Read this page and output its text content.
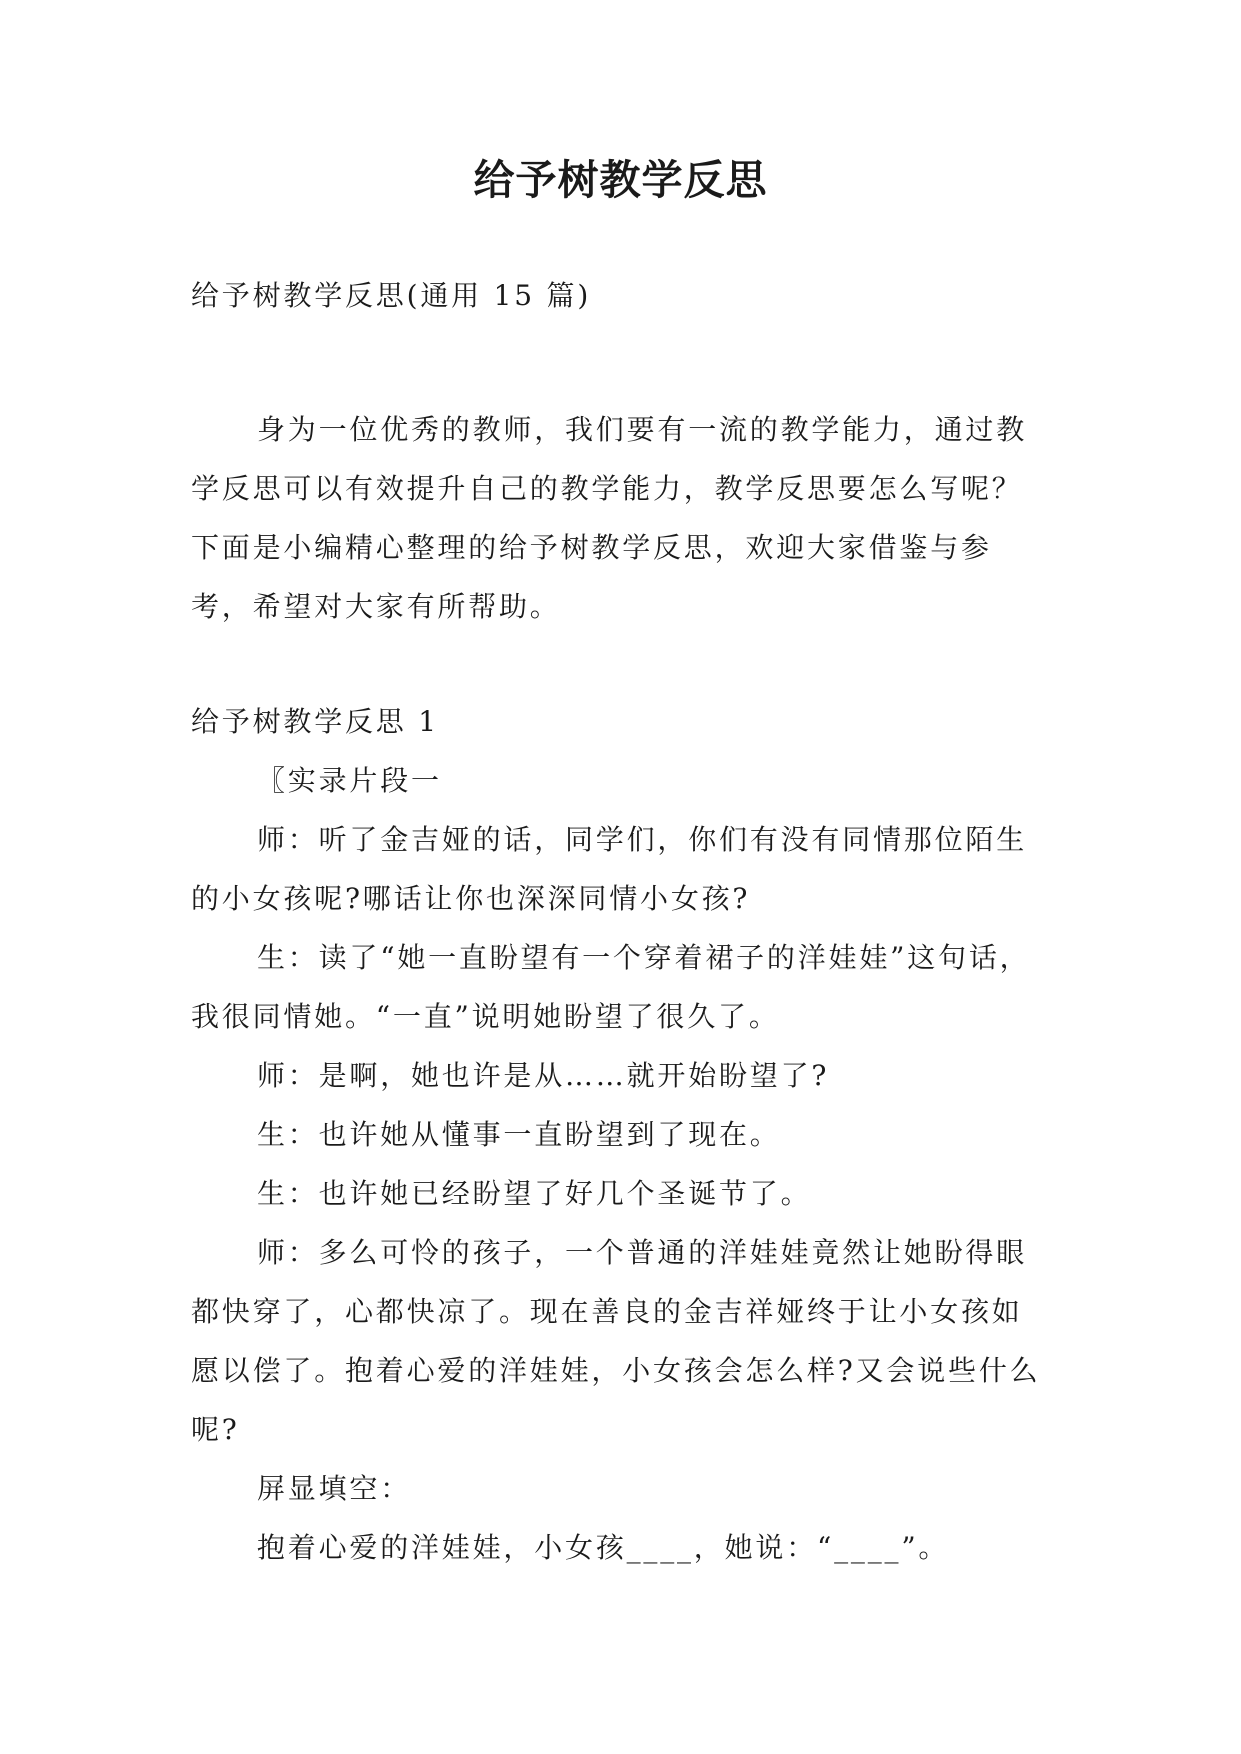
给予树教学反思
给予树教学反思(通用 15 篇)

身为一位优秀的教师，我们要有一流的教学能力，通过教学反思可以有效提升自己的教学能力，教学反思要怎么写呢？下面是小编精心整理的给予树教学反思，欢迎大家借鉴与参考，希望对大家有所帮助。

给予树教学反思 1

〖实录片段一

师：听了金吉娅的话，同学们，你们有没有同情那位陌生的小女孩呢?哪话让你也深深同情小女孩?

生：读了“她一直盼望有一个穿着裙子的洋娃娃”这句话，我很同情她。“一直”说明她盼望了很久了。

师：是啊，她也许是从……就开始盼望了?

生：也许她从懂事一直盼望到了现在。

生：也许她已经盼望了好几个圣诞节了。

师：多么可怜的孩子，一个普通的洋娃娃竟然让她盼得眼都快穿了，心都快凉了。现在善良的金吉祥娅终于让小女孩如愿以偿了。抱着心爱的洋娃娃，小女孩会怎么样?又会说些什么呢?

屏显填空：

抱着心爱的洋娃娃，小女孩____，她说：“____”。
